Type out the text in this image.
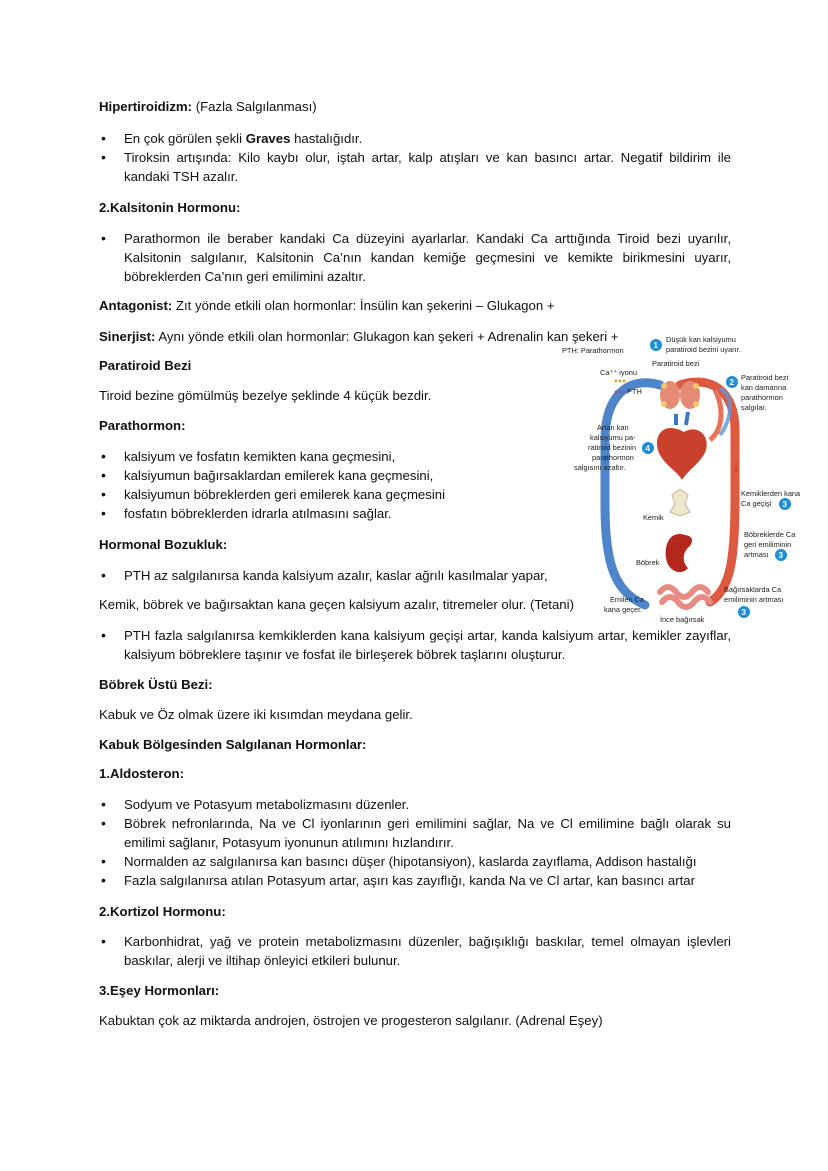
Hipertiroidizm: (Fazla Salgılanması)

• En çok görülen şekli Graves hastalığıdır.
• Tiroksin artışında: Kilo kaybı olur, iştah artar, kalp atışları ve kan basıncı artar. Negatif bildirim ile kandaki TSH azalır.

2.Kalsitonin Hormonu:

• Parathormon ile beraber kandaki Ca düzeyini ayarlarlar. Kandaki Ca arttığında Tiroid bezi uyarılır, Kalsitonin salgılanır, Kalsitonin Ca’nın kandan kemiğe geçmesini ve kemikte birikmesini uyarır, böbreklerden Ca’nın geri emilimini azaltır.

Antagonist: Zıt yönde etkili olan hormonlar: İnsülin kan şekerini – Glukagon +

Sinerjist: Aynı yönde etkili olan hormonlar: Glukagon kan şekeri + Adrenalin kan şekeri +

Paratiroid Bezi

Tiroid bezine gömülmüş bezelye şeklinde 4 küçük bezdir.

Parathormon:

• kalsiyum ve fosfatın kemikten kana geçmesini,
• kalsiyumun bağırsaklardan emilerek kana geçmesini,
• kalsiyumun böbreklerden geri emilerek kana geçmesini
• fosfatın böbreklerden idrarla atılmasını sağlar.

Hormonal Bozukluk:

• PTH az salgılanırsa kanda kalsiyum azalır, kaslar ağrılı kasılmalar yapar,

Kemik, böbrek ve bağırsaktan kana geçen kalsiyum azalır, titremeler olur. (Tetani)

• PTH fazla salgılanırsa kemkiklerden kana kalsiyum geçişi artar, kanda kalsiyum artar, kemikler zayıflar, kalsiyum böbreklere taşınır ve fosfat ile birleşerek böbrek taşlarını oluşturur.

Böbrek Üstü Bezi:

Kabuk ve Öz olmak üzere iki kısımdan meydana gelir.

Kabuk Bölgesinden Salgılanan Hormonlar:

1.Aldosteron:

• Sodyum ve Potasyum metabolizmasını düzenler.
• Böbrek nefronlarında, Na ve Cl iyonlarının geri emilimini sağlar, Na ve Cl emilimine bağlı olarak su emilimi sağlanır, Potasyum iyonunun atılımını hızlandırır.
• Normalden az salgılanırsa kan basıncı düşer (hipotansiyon), kaslarda zayıflama, Addison hastalığı
• Fazla salgılanırsa atılan Potasyum artar, aşırı kas zayıflığı, kanda Na ve Cl artar, kan basıncı artar

2.Kortizol Hormonu:

• Karbonhidrat, yağ ve protein metabolizmasını düzenler, bağışıklığı baskılar, temel olmayan işlevleri baskılar, alerji ve iltihap önleyici etkileri bulunur.

3.Eşey Hormonları:

Kabuktan çok az miktarda androjen, östrojen ve progesteron salgılanır. (Adrenal Eşey)

PTH: Parathormon
Ca⁺⁺ iyonu
PTH
Paratiroid bezi
1
Düşük kan kalsiyumu
paratiroid bezini uyarır.
2
Paratiroid bezi
kan damarına
parathormon
salgılar.
Artan kan
kalsiyumu pa-
ratiroid bezinin
parathormon
salgısını azaltır.
4
Kemiklerden kana
Ca geçişi 3
Kemik
Böbreklerde Ca
geri emiliminin
artması 3
Böbrek
Bağırsaklarda Ca
emiliminin artması
3
Emilen Ca
kana geçer.
İnce bağırsak
